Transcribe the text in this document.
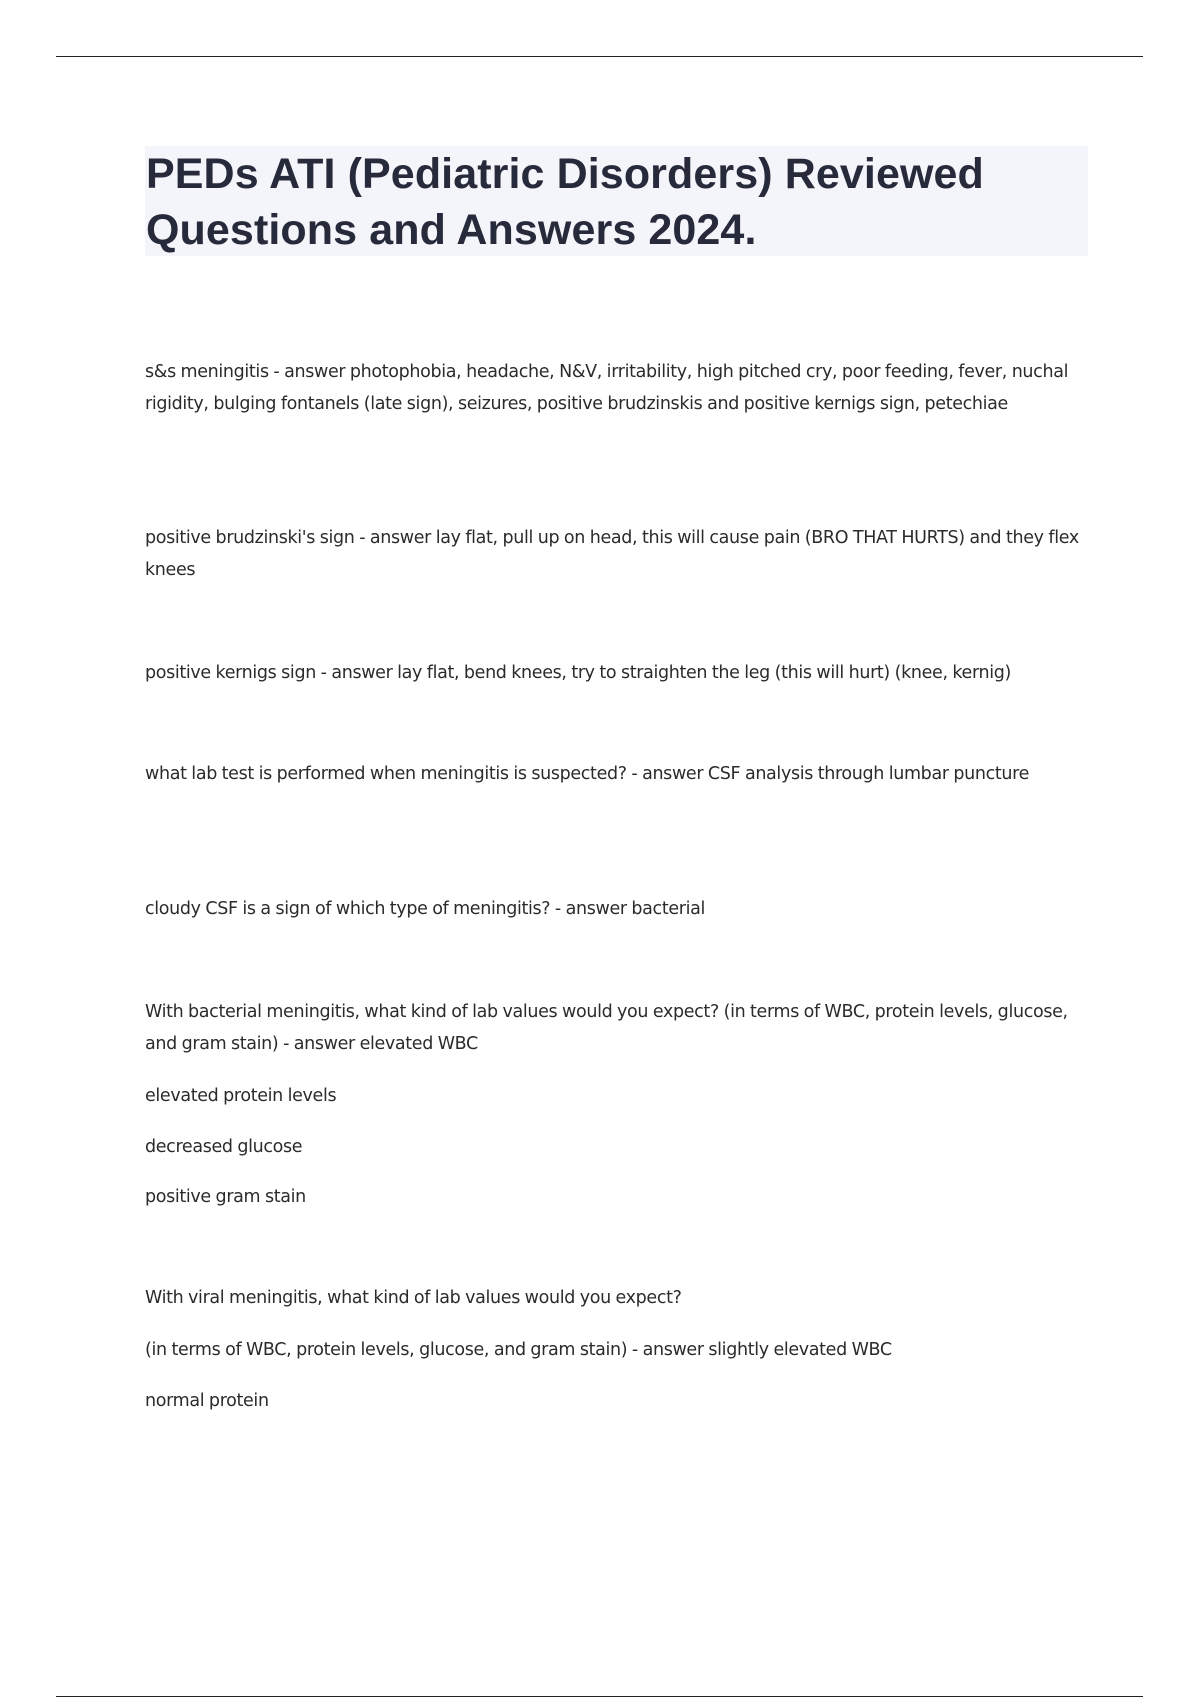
PEDs ATI (Pediatric Disorders) Reviewed Questions and Answers 2024.

s&s meningitis - answer photophobia, headache, N&V, irritability, high pitched cry, poor feeding, fever, nuchal rigidity, bulging fontanels (late sign), seizures, positive brudzinskis and positive kernigs sign, petechiae

positive brudzinski's sign - answer lay flat, pull up on head, this will cause pain (BRO THAT HURTS) and they flex knees

positive kernigs sign - answer lay flat, bend knees, try to straighten the leg (this will hurt) (knee, kernig)

what lab test is performed when meningitis is suspected? - answer CSF analysis through lumbar puncture

cloudy CSF is a sign of which type of meningitis? - answer bacterial

With bacterial meningitis, what kind of lab values would you expect? (in terms of WBC, protein levels, glucose, and gram stain) - answer elevated WBC

elevated protein levels

decreased glucose

positive gram stain

With viral meningitis, what kind of lab values would you expect?

(in terms of WBC, protein levels, glucose, and gram stain) - answer slightly elevated WBC

normal protein
